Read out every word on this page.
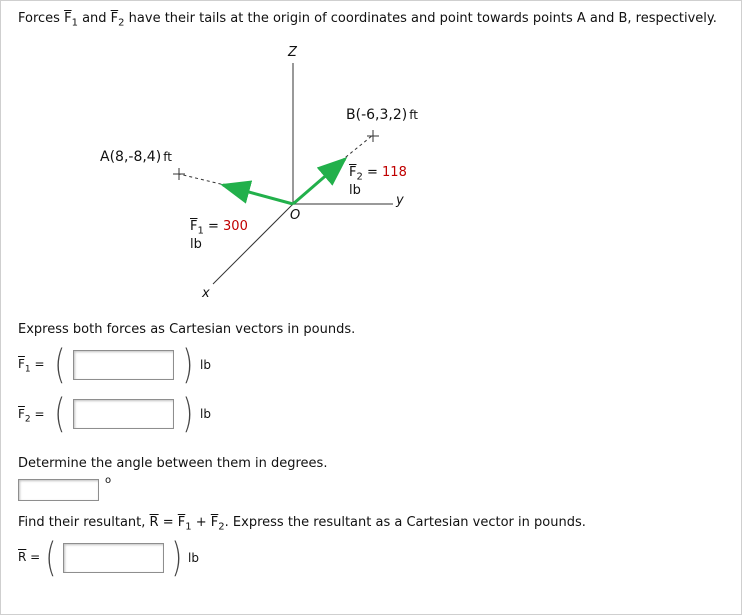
Forces $\overline{F}_1$ and $\overline{F}_2$ have their tails at the origin of coordinates and point towards points A and B, respectively.
Z
y
x
O
A(8,-8,4) ft
B(-6,3,2) ft
$\overline{F}_1 = 300$
lb
$\overline{F}_2 = 118$
lb
Express both forces as Cartesian vectors in pounds.
$\overline{F}_1$ = (	) lb
$\overline{F}_2$ = (	) lb
Determine the angle between them in degrees.
o
Find their resultant, $\overline{R} = \overline{F}_1 + \overline{F}_2$. Express the resultant as a Cartesian vector in pounds.
$\overline{R}$ = (	) lb
